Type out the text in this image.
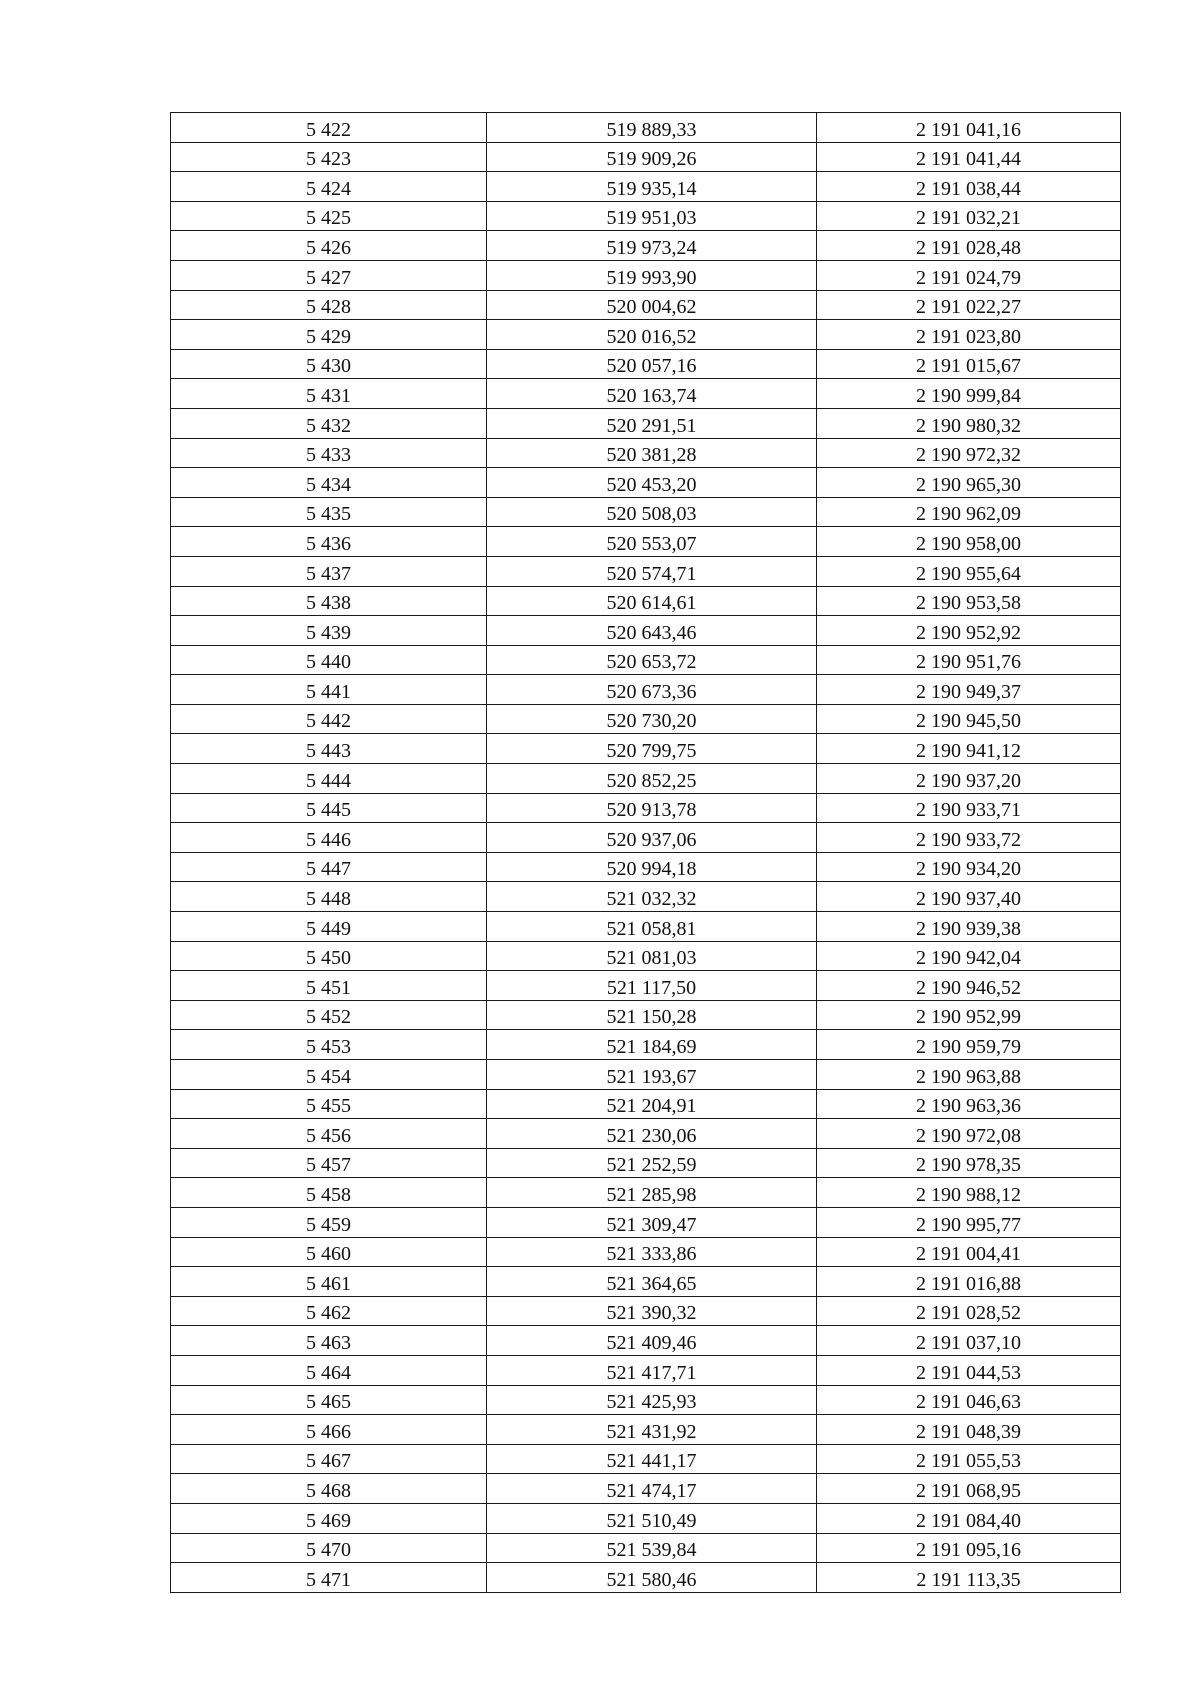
5 422	519 889,33	2 191 041,16
5 423	519 909,26	2 191 041,44
5 424	519 935,14	2 191 038,44
5 425	519 951,03	2 191 032,21
5 426	519 973,24	2 191 028,48
5 427	519 993,90	2 191 024,79
5 428	520 004,62	2 191 022,27
5 429	520 016,52	2 191 023,80
5 430	520 057,16	2 191 015,67
5 431	520 163,74	2 190 999,84
5 432	520 291,51	2 190 980,32
5 433	520 381,28	2 190 972,32
5 434	520 453,20	2 190 965,30
5 435	520 508,03	2 190 962,09
5 436	520 553,07	2 190 958,00
5 437	520 574,71	2 190 955,64
5 438	520 614,61	2 190 953,58
5 439	520 643,46	2 190 952,92
5 440	520 653,72	2 190 951,76
5 441	520 673,36	2 190 949,37
5 442	520 730,20	2 190 945,50
5 443	520 799,75	2 190 941,12
5 444	520 852,25	2 190 937,20
5 445	520 913,78	2 190 933,71
5 446	520 937,06	2 190 933,72
5 447	520 994,18	2 190 934,20
5 448	521 032,32	2 190 937,40
5 449	521 058,81	2 190 939,38
5 450	521 081,03	2 190 942,04
5 451	521 117,50	2 190 946,52
5 452	521 150,28	2 190 952,99
5 453	521 184,69	2 190 959,79
5 454	521 193,67	2 190 963,88
5 455	521 204,91	2 190 963,36
5 456	521 230,06	2 190 972,08
5 457	521 252,59	2 190 978,35
5 458	521 285,98	2 190 988,12
5 459	521 309,47	2 190 995,77
5 460	521 333,86	2 191 004,41
5 461	521 364,65	2 191 016,88
5 462	521 390,32	2 191 028,52
5 463	521 409,46	2 191 037,10
5 464	521 417,71	2 191 044,53
5 465	521 425,93	2 191 046,63
5 466	521 431,92	2 191 048,39
5 467	521 441,17	2 191 055,53
5 468	521 474,17	2 191 068,95
5 469	521 510,49	2 191 084,40
5 470	521 539,84	2 191 095,16
5 471	521 580,46	2 191 113,35
